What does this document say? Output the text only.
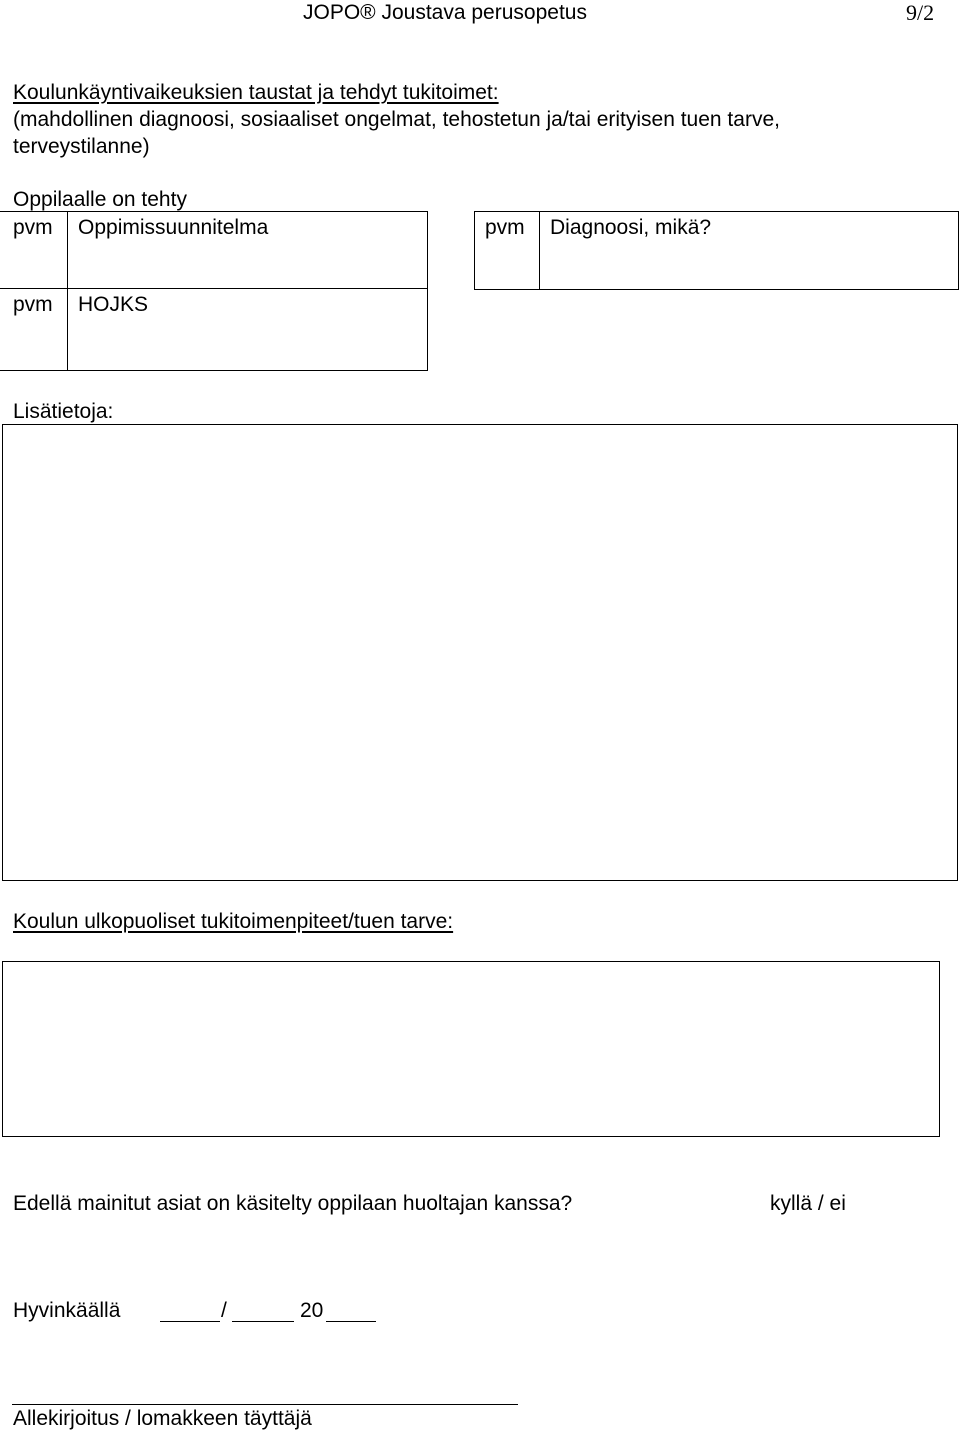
JOPO® Joustava perusopetus	9/2
Koulunkäyntivaikeuksien taustat ja tehdyt tukitoimet:
(mahdollinen diagnoosi, sosiaaliset ongelmat, tehostetun ja/tai erityisen tuen tarve,
terveystilanne)
Oppilaalle on tehty
pvm Oppimissuunnitelma
pvm HOJKS
pvm Diagnoosi, mikä?
Lisätietoja:
Koulun ulkopuoliset tukitoimenpiteet/tuen tarve:
Edellä mainitut asiat on käsitelty oppilaan huoltajan kanssa?	kyllä / ei
Hyvinkäällä	/	20
Allekirjoitus / lomakkeen täyttäjä
